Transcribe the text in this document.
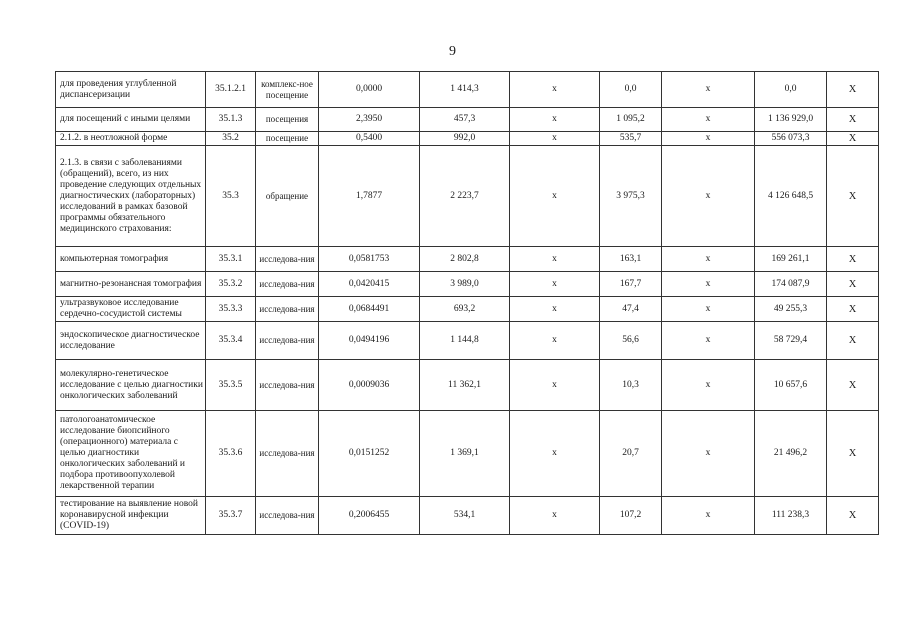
9
для проведения углубленной диспансеризации	35.1.2.1	комплекс-ное посещение	0,0000	1 414,3	х	0,0	х	0,0	Х
для посещений с иными целями	35.1.3	посещения	2,3950	457,3	х	1 095,2	х	1 136 929,0	Х
2.1.2. в неотложной форме	35.2	посещение	0,5400	992,0	х	535,7	х	556 073,3	Х
2.1.3. в связи с заболеваниями (обращений), всего, из них проведение следующих отдельных диагностических (лабораторных) исследований в рамках базовой программы обязательного медицинского страхования:	35.3	обращение	1,7877	2 223,7	х	3 975,3	х	4 126 648,5	Х
компьютерная томография	35.3.1	исследова-ния	0,0581753	2 802,8	х	163,1	х	169 261,1	Х
магнитно-резонансная томография	35.3.2	исследова-ния	0,0420415	3 989,0	х	167,7	х	174 087,9	Х
ультразвуковое исследование сердечно-сосудистой системы	35.3.3	исследова-ния	0,0684491	693,2	х	47,4	х	49 255,3	Х
эндоскопическое диагностическое исследование	35.3.4	исследова-ния	0,0494196	1 144,8	х	56,6	х	58 729,4	Х
молекулярно-генетическое исследование с целью диагностики онкологических заболеваний	35.3.5	исследова-ния	0,0009036	11 362,1	х	10,3	х	10 657,6	Х
патологоанатомическое исследование биопсийного (операционного) материала с целью диагностики онкологических заболеваний и подбора противоопухолевой лекарственной терапии	35.3.6	исследова-ния	0,0151252	1 369,1	х	20,7	х	21 496,2	Х
тестирование на выявление новой коронавирусной инфекции (COVID-19)	35.3.7	исследова-ния	0,2006455	534,1	х	107,2	х	111 238,3	Х
